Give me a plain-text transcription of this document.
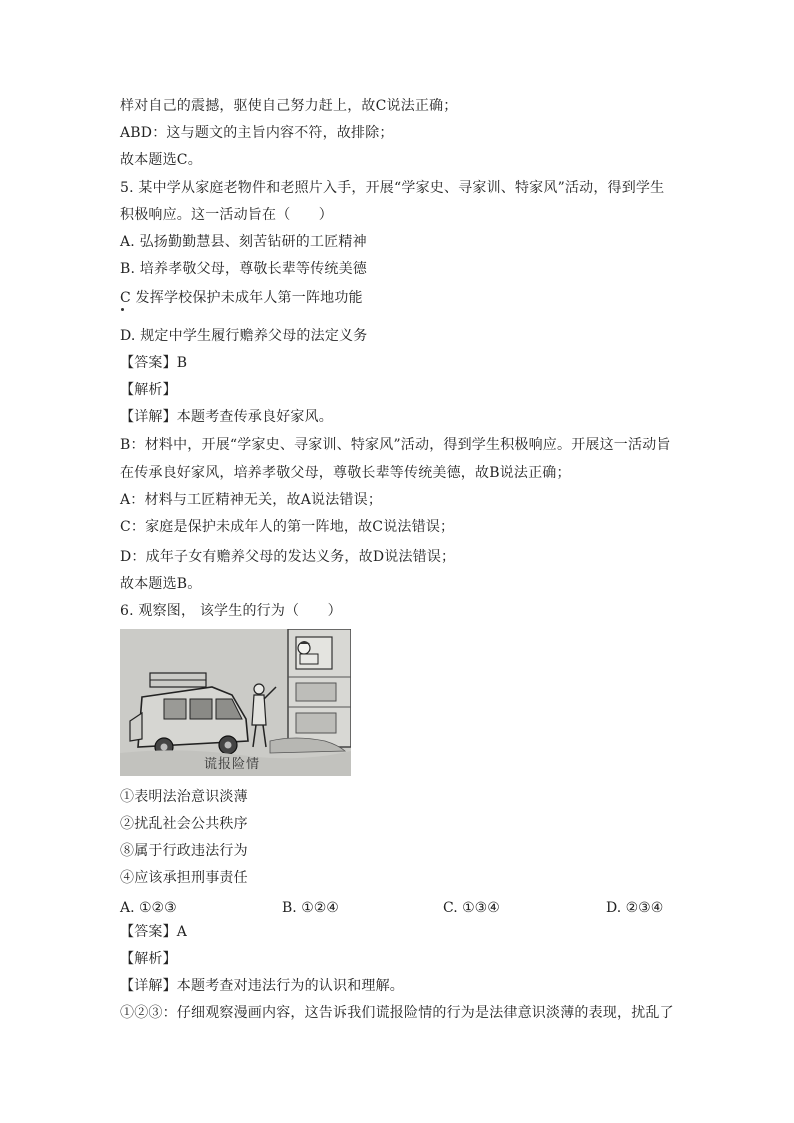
样对自己的震撼，驱使自己努力赶上，故C说法正确；
ABD：这与题文的主旨内容不符，故排除；
故本题选C。
5. 某中学从家庭老物件和老照片入手，开展“学家史、寻家训、特家风”活动，得到学生
积极响应。这一活动旨在（　　）
A. 弘扬勤勤慧县、刻苦钻研的工匠精神
B. 培养孝敬父母，尊敬长辈等传统美德
C 发挥学校保护未成年人第一阵地功能
D. 规定中学生履行赡养父母的法定义务
【答案】B
【解析】
【详解】本题考查传承良好家风。
B：材料中，开展“学家史、寻家训、特家风”活动，得到学生积极响应。开展这一活动旨
在传承良好家风，培养孝敬父母，尊敬长辈等传统美德，故B说法正确；
A：材料与工匠精神无关，故A说法错误；
C：家庭是保护未成年人的第一阵地，故C说法错误；
D：成年子女有赡养父母的发达义务，故D说法错误；
故本题选B。
6. 观察图， 该学生的行为（　　）
谎报险情
①表明法治意识淡薄
②扰乱社会公共秩序
⑧属于行政违法行为
④应该承担刑事责任
A. ①②③	B. ①②④	C. ①③④	D. ②③④
【答案】A
【解析】
【详解】本题考查对违法行为的认识和理解。
①②③：仔细观察漫画内容，这告诉我们谎报险情的行为是法律意识淡薄的表现，扰乱了
